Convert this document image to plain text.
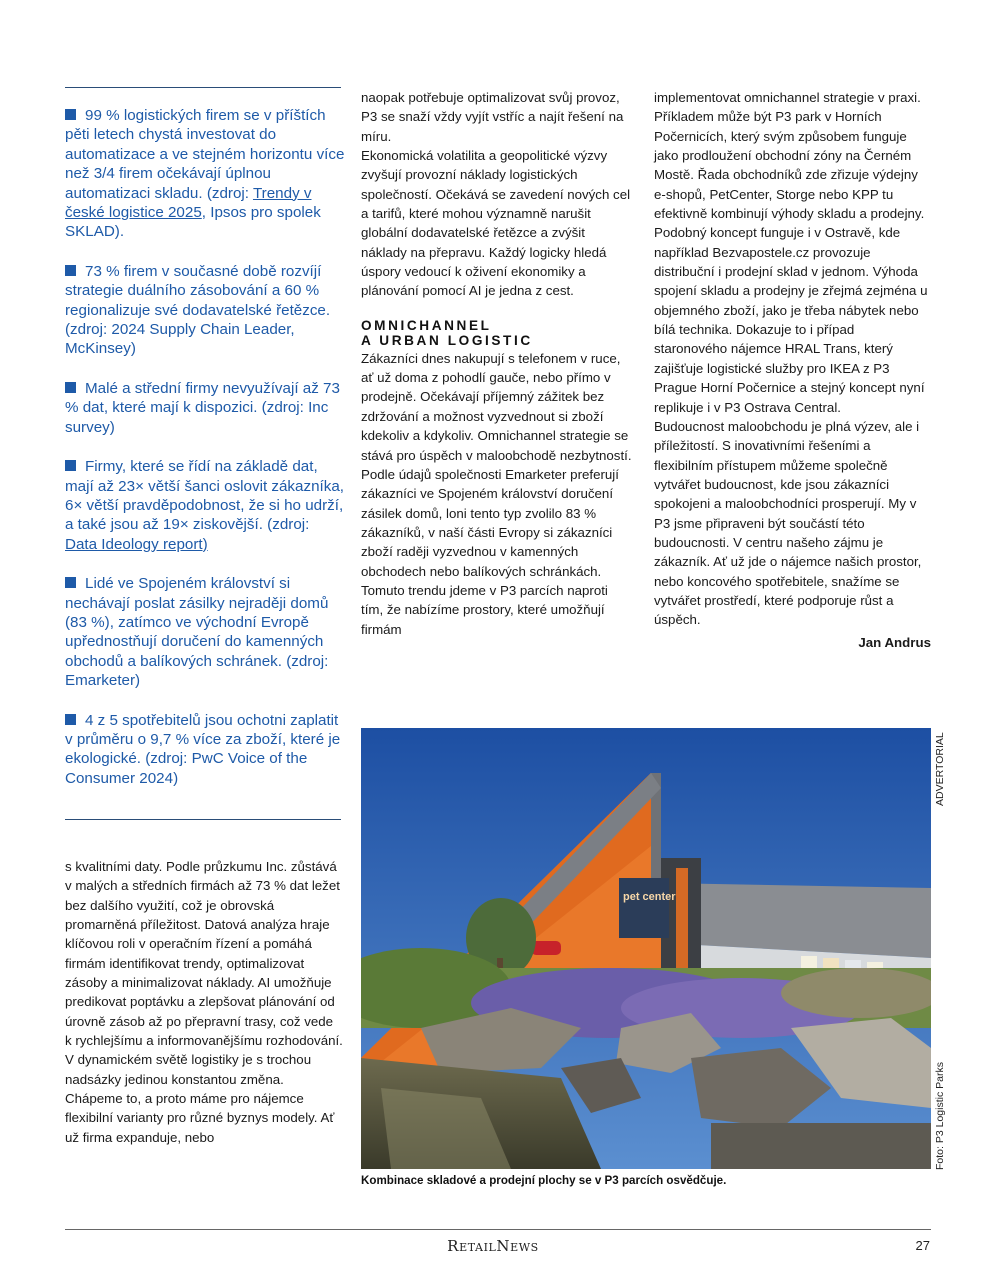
99 % logistických firem se v příštích pěti letech chystá investovat do automatizace a ve stejném horizontu více než 3/4 firem očekávají úplnou automatizaci skladu. (zdroj: Trendy v české logistice 2025, Ipsos pro spolek SKLAD).

73 % firem v současné době rozvíjí strategie duálního zásobování a 60 % regionalizuje své dodavatelské řetězce. (zdroj: 2024 Supply Chain Leader, McKinsey)

Malé a střední firmy nevyužívají až 73 % dat, které mají k dispozici. (zdroj: Inc survey)

Firmy, které se řídí na základě dat, mají až 23× větší šanci oslovit zákazníka, 6× větší pravděpodobnost, že si ho udrží, a také jsou až 19× ziskovější. (zdroj: Data Ideology report)

Lidé ve Spojeném království si nechávají poslat zásilky nejraději domů (83 %), zatímco ve východní Evropě upřednostňují doručení do kamenných obchodů a balíkových schránek. (zdroj: Emarketer)

4 z 5 spotřebitelů jsou ochotni zaplatit v průměru o 9,7 % více za zboží, které je ekologické. (zdroj: PwC Voice of the Consumer 2024)

s kvalitními daty. Podle průzkumu Inc. zůstává v malých a středních firmách až 73 % dat ležet bez dalšího využití, což je obrovská promarněná příležitost. Datová analýza hraje klíčovou roli v operačním řízení a pomáhá firmám identifikovat trendy, optimalizovat zásoby a minimalizovat náklady. AI umožňuje predikovat poptávku a zlepšovat plánování od úrovně zásob až po přepravní trasy, což vede k rychlejšímu a informovanějšímu rozhodování.

V dynamickém světě logistiky je s trochou nadsázky jedinou konstantou změna. Chápeme to, a proto máme pro nájemce flexibilní varianty pro různé byznys modely. Ať už firma expanduje, nebo

naopak potřebuje optimalizovat svůj provoz, P3 se snaží vždy vyjít vstříc a najít řešení na míru.

Ekonomická volatilita a geopolitické výzvy zvyšují provozní náklady logistických společností. Očekává se zavedení nových cel a tarifů, které mohou významně narušit globální dodavatelské řetězce a zvýšit náklady na přepravu. Každý logicky hledá úspory vedoucí k oživení ekonomiky a plánování pomocí AI je jedna z cest.

OMNICHANNEL
A URBAN LOGISTIC

Zákazníci dnes nakupují s telefonem v ruce, ať už doma z pohodlí gauče, nebo přímo v prodejně. Očekávají příjemný zážitek bez zdržování a možnost vyzvednout si zboží kdekoliv a kdykoliv. Omnichannel strategie se stává pro úspěch v maloobchodě nezbytností. Podle údajů společnosti Emarketer preferují zákazníci ve Spojeném království doručení zásilek domů, loni tento typ zvolilo 83 % zákazníků, v naší části Evropy si zákazníci zboží raději vyzvednou v kamenných obchodech nebo balíkových schránkách. Tomuto trendu jdeme v P3 parcích naproti tím, že nabízíme prostory, které umožňují firmám

implementovat omnichannel strategie v praxi. Příkladem může být P3 park v Horních Počernicích, který svým způsobem funguje jako prodloužení obchodní zóny na Černém Mostě. Řada obchodníků zde zřizuje výdejny e-shopů, PetCenter, Storge nebo KPP tu efektivně kombinují výhody skladu a prodejny. Podobný koncept funguje i v Ostravě, kde například Bezvapostele.cz provozuje distribuční i prodejní sklad v jednom. Výhoda spojení skladu a prodejny je zřejmá zejména u objemného zboží, jako je třeba nábytek nebo bílá technika. Dokazuje to i případ staronového nájemce HRAL Trans, který zajišťuje logistické služby pro IKEA z P3 Prague Horní Počernice a stejný koncept nyní replikuje i v P3 Ostrava Central.

Budoucnost maloobchodu je plná výzev, ale i příležitostí. S inovativními řešeními a flexibilním přístupem můžeme společně vytvářet budoucnost, kde jsou zákazníci spokojeni a maloobchodníci prosperují. My v P3 jsme připraveni být součástí této budoucnosti. V centru našeho zájmu je zákazník. Ať už jde o nájemce našich prostor, nebo koncového spotřebitele, snažíme se vytvářet prostředí, které podporuje růst a úspěch.

Jan Andrus

pet center
Kombinace skladové a prodejní plochy se v P3 parcích osvědčuje.
ADVERTORIAL
Foto: P3 Logistic Parks
RetailNews	27
